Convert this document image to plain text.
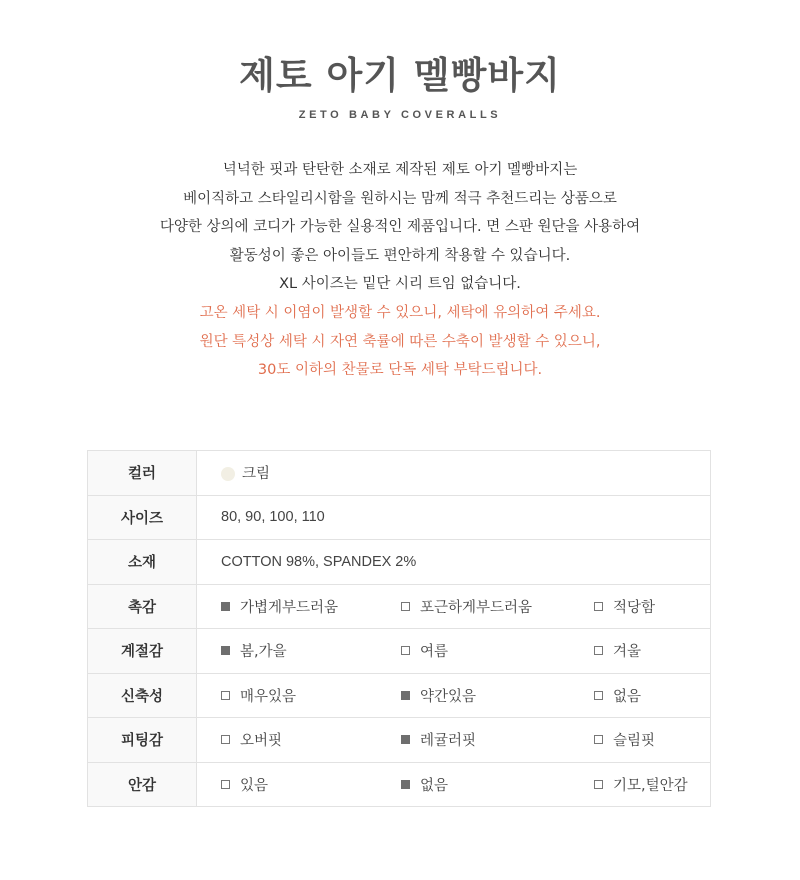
제토 아기 멜빵바지
ZETO BABY COVERALLS
넉넉한 핏과 탄탄한 소재로 제작된 제토 아기 멜빵바지는
베이직하고 스타일리시함을 원하시는 맘께 적극 추천드리는 상품으로
다양한 상의에 코디가 가능한 실용적인 제품입니다. 면 스판 원단을 사용하여
활동성이 좋은 아이들도 편안하게 착용할 수 있습니다.
XL 사이즈는 밑단 시리 트임 없습니다.
고온 세탁 시 이염이 발생할 수 있으니, 세탁에 유의하여 주세요.
원단 특성상 세탁 시 자연 축률에 따른 수축이 발생할 수 있으니,
30도 이하의 찬물로 단독 세탁 부탁드립니다.
컬러	크림
사이즈	80, 90, 100, 110
소재	COTTON 98%, SPANDEX 2%
촉감	가볍게부드러움 포근하게부드러움 적당함

계절감	봄,가을 여름 겨울

신축성	매우있음 약간있음 없음

피팅감	오버핏 레귤러핏 슬림핏

안감	있음 없음 기모,털안감
